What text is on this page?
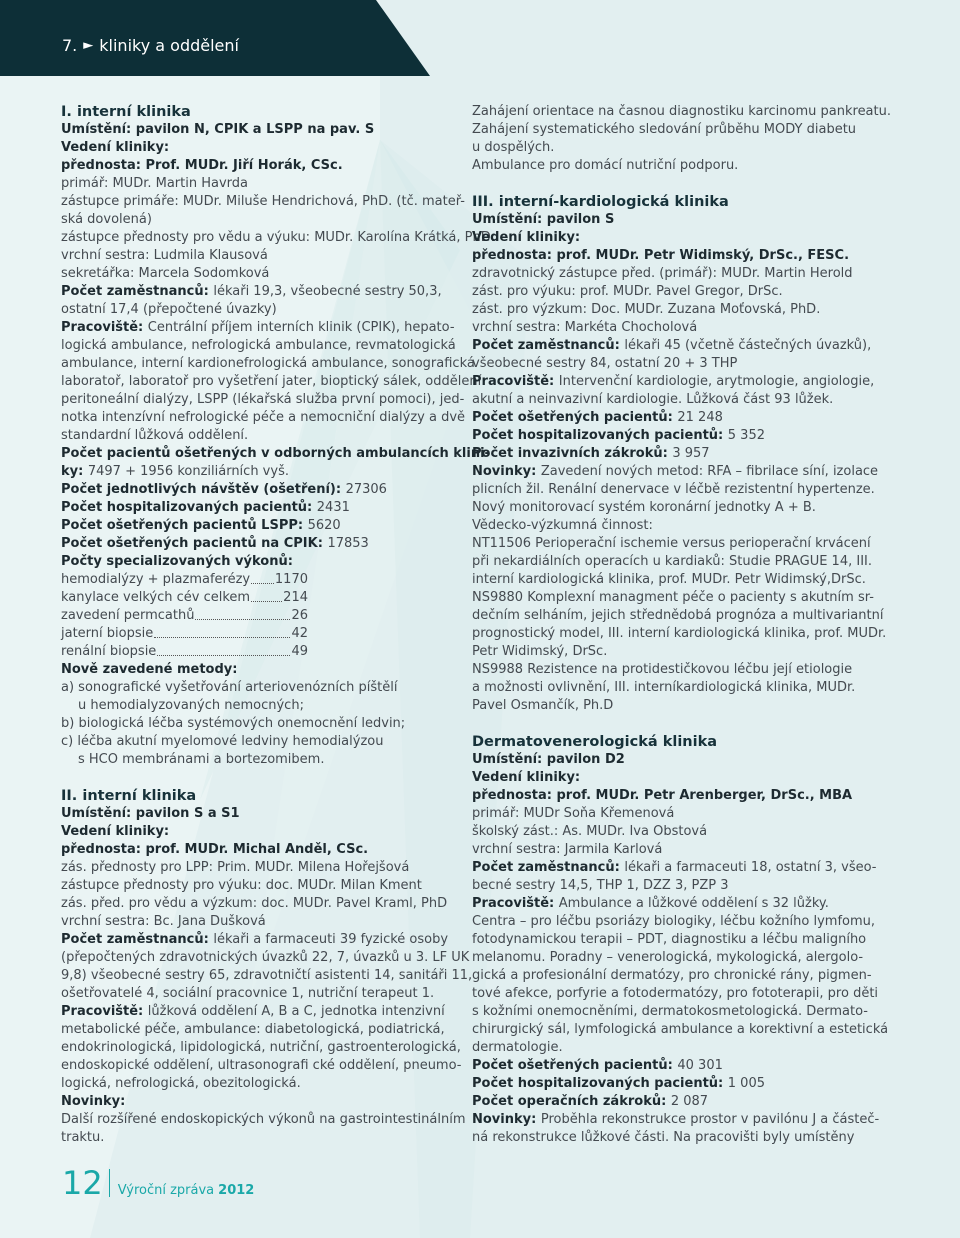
7. ► kliniky a oddělení
I. interní klinika
Umístění: pavilon N, CPIK a LSPP na pav. S
Vedení kliniky:
přednosta: Prof. MUDr. Jiří Horák, CSc.
primář: MUDr. Martin Havrda
zástupce primáře: MUDr. Miluše Hendrichová, PhD. (tč. mateř-
ská dovolená)
zástupce přednosty pro vědu a výuku: MUDr. Karolína Krátká, PhD.
vrchní sestra: Ludmila Klausová
sekretářka: Marcela Sodomková
Počet zaměstnanců: lékaři 19,3, všeobecné sestry 50,3,
ostatní 17,4 (přepočtené úvazky)
Pracoviště: Centrální příjem interních klinik (CPIK), hepato-
logická ambulance, nefrologická ambulance, revmatologická
ambulance, interní kardionefrologická ambulance, sonografická
laboratoř, laboratoř pro vyšetření jater, bioptický sálek, oddělení
peritoneální dialýzy, LSPP (lékařská služba první pomoci), jed-
notka intenzívní nefrologické péče a nemocniční dialýzy a dvě
standardní lůžková oddělení.
Počet pacientů ošetřených v odborných ambulancích klini-
ky: 7497 + 1956 konziliárních vyš.
Počet jednotlivých návštěv (ošetření): 27306
Počet hospitalizovaných pacientů: 2431
Počet ošetřených pacientů LSPP: 5620
Počet ošetřených pacientů na CPIK: 17853
Počty specializovaných výkonů:
hemodialýzy + plazmaferézy 1170
kanylace velkých cév celkem	214
zavedení permcathů	26
jaterní biopsie	42
renální biopsie	49
Nově zavedené metody:
a) sonografické vyšetřování arteriovenózních píštělí
u hemodialyzovaných nemocných;
b) biologická léčba systémových onemocnění ledvin;
c) léčba akutní myelomové ledviny hemodialýzou
s HCO membránami a bortezomibem.
II. interní klinika
Umístění: pavilon S a S1
Vedení kliniky:
přednosta: prof. MUDr. Michal Anděl, CSc.
zás. přednosty pro LPP: Prim. MUDr. Milena Hořejšová
zástupce přednosty pro výuku: doc. MUDr. Milan Kment
zás. před. pro vědu a výzkum: doc. MUDr. Pavel Kraml, PhD
vrchní sestra: Bc. Jana Dušková
Počet zaměstnanců: lékaři a farmaceuti 39 fyzické osoby
(přepočtených zdravotnických úvazků 22, 7, úvazků u 3. LF UK
9,8) všeobecné sestry 65, zdravotničtí asistenti 14, sanitáři 11,
ošetřovatelé 4, sociální pracovnice 1, nutriční terapeut 1.
Pracoviště: lůžková oddělení A, B a C, jednotka intenzivní
metabolické péče, ambulance: diabetologická, podiatrická,
endokrinologická, lipidologická, nutriční, gastroenterologická,
endoskopické oddělení, ultrasonografi cké oddělení, pneumo-
logická, nefrologická, obezitologická.
Novinky:
Další rozšířené endoskopických výkonů na gastrointestinálním
traktu.
Zahájení orientace na časnou diagnostiku karcinomu pankreatu.
Zahájení systematického sledování průběhu MODY diabetu
u dospělých.
Ambulance pro domácí nutriční podporu.
III. interní-kardiologická klinika
Umístění: pavilon S
Vedení kliniky:
přednosta: prof. MUDr. Petr Widimský, DrSc., FESC.
zdravotnický zástupce před. (primář): MUDr. Martin Herold
zást. pro výuku: prof. MUDr. Pavel Gregor, DrSc.
zást. pro výzkum: Doc. MUDr. Zuzana Moťovská, PhD.
vrchní sestra: Markéta Chocholová
Počet zaměstnanců: lékaři 45 (včetně částečných úvazků),
všeobecné sestry 84, ostatní 20 + 3 THP
Pracoviště: Intervenční kardiologie, arytmologie, angiologie,
akutní a neinvazivní kardiologie. Lůžková část 93 lůžek.
Počet ošetřených pacientů: 21 248
Počet hospitalizovaných pacientů: 5 352
Počet invazivních zákroků: 3 957
Novinky: Zavedení nových metod: RFA – fibrilace síní, izolace
plicních žil. Renální denervace v léčbě rezistentní hypertenze.
Nový monitorovací systém koronární jednotky A + B.
Vědecko-výzkumná činnost:
NT11506 Perioperační ischemie versus perioperační krvácení
při nekardiálních operacích u kardiaků: Studie PRAGUE 14, III.
interní kardiologická klinika, prof. MUDr. Petr Widimský,DrSc.
NS9880 Komplexní managment péče o pacienty s akutním sr-
dečním selháním, jejich střednědobá prognóza a multivariantní
prognostický model, III. interní kardiologická klinika, prof. MUDr.
Petr Widimský, DrSc.
NS9988 Rezistence na protidestičkovou léčbu její etiologie
a možnosti ovlivnění, III. interníkardiologická klinika, MUDr.
Pavel Osmančík, Ph.D
Dermatovenerologická klinika
Umístění: pavilon D2
Vedení kliniky:
přednosta: prof. MUDr. Petr Arenberger, DrSc., MBA
primář: MUDr Soňa Křemenová
školský zást.: As. MUDr. Iva Obstová
vrchní sestra: Jarmila Karlová
Počet zaměstnanců: lékaři a farmaceuti 18, ostatní 3, všeo-
becné sestry 14,5, THP 1, DZZ 3, PZP 3
Pracoviště: Ambulance a lůžkové oddělení s 32 lůžky.
Centra – pro léčbu psoriázy biologiky, léčbu kožního lymfomu,
fotodynamickou terapii – PDT, diagnostiku a léčbu maligního
melanomu. Poradny – venerologická, mykologická, alergolo-
gická a profesionální dermatózy, pro chronické rány, pigmen-
tové afekce, porfyrie a fotodermatózy, pro fototerapii, pro děti
s kožními onemocněními, dermatokosmetologická. Dermato-
chirurgický sál, lymfologická ambulance a korektivní a estetická
dermatologie.
Počet ošetřených pacientů: 40 301
Počet hospitalizovaných pacientů: 1 005
Počet operačních zákroků: 2 087
Novinky: Proběhla rekonstrukce prostor v pavilónu J a částeč-
ná rekonstrukce lůžkové části. Na pracovišti byly umístěny
12 Výroční zpráva 2012
